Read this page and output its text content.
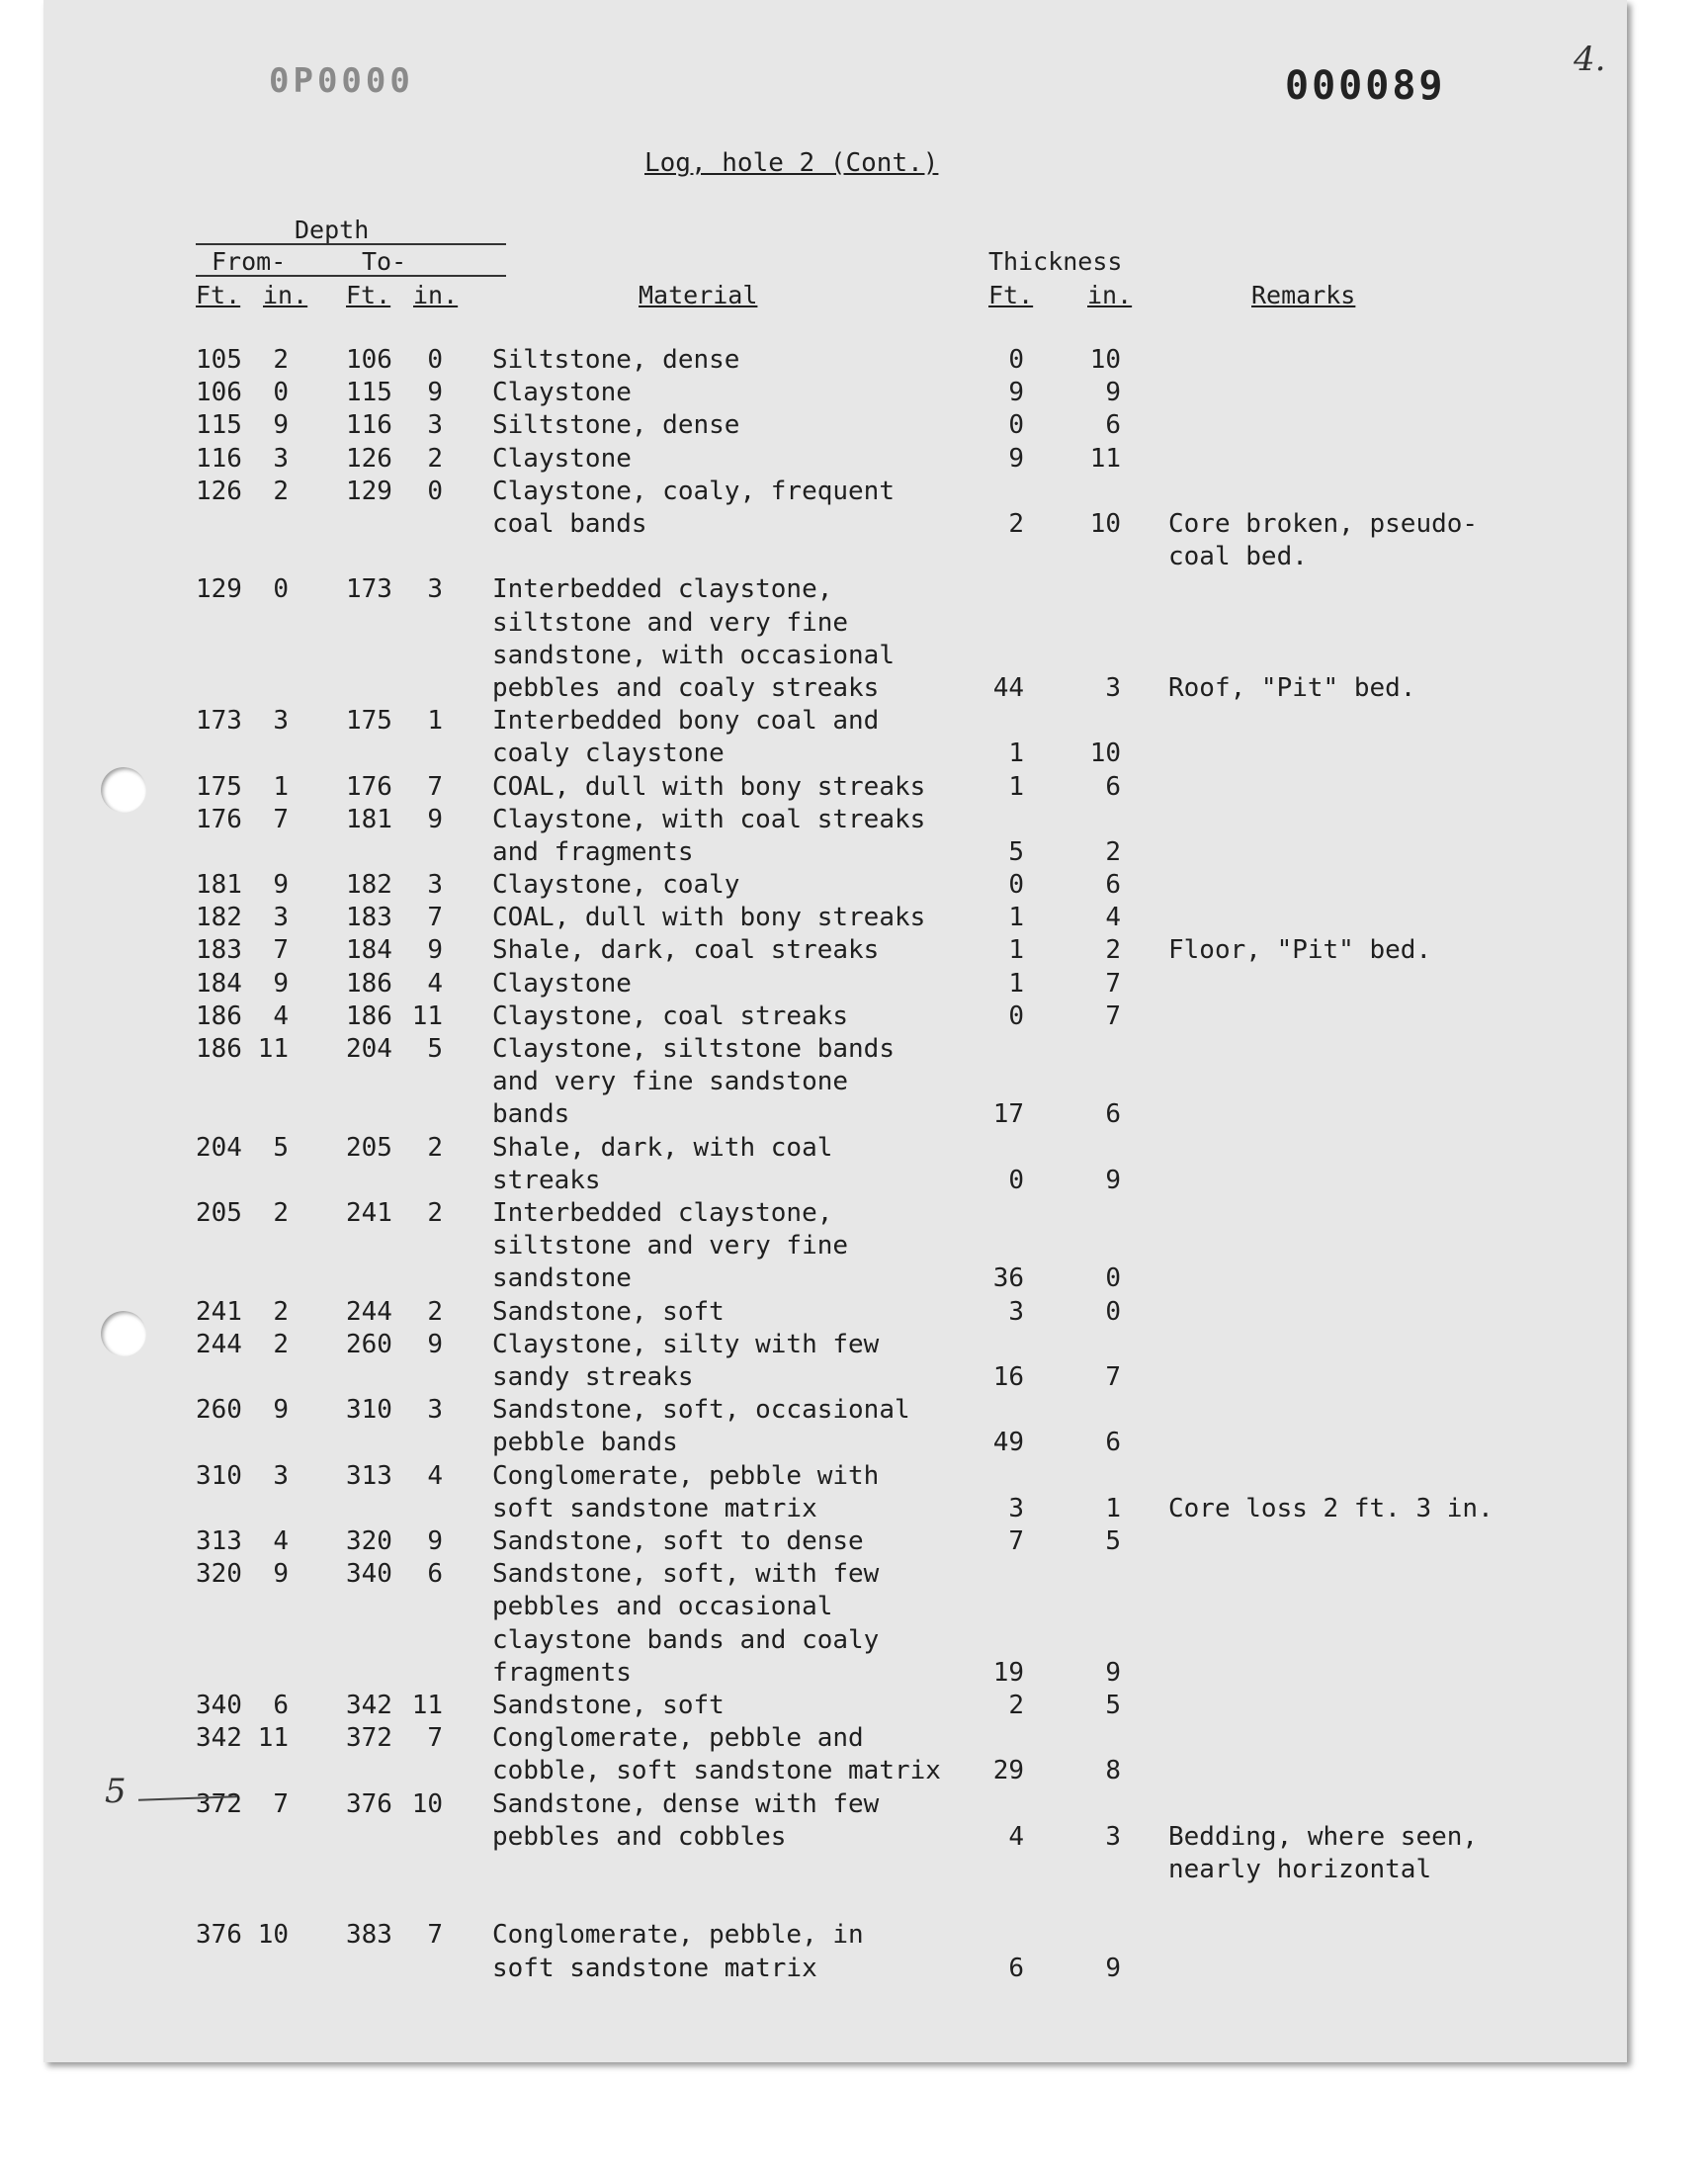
0P0000	000089
4.
Log, hole 2 (Cont.)
Depth
From-	To-
Ft. in. Ft. in.	Material
Thickness
Ft. in.	Remarks
105	2 106	0 Siltstone, dense	0	10
106	0 115	9 Claystone	9	9
115	9 116	3 Siltstone, dense	0	6
116	3 126	2 Claystone	9	11
126	2 129	0 Claystone, coaly, frequent
coal bands	2	10 Core broken, pseudo-
coal bed.
129	0 173	3 Interbedded claystone,
siltstone and very fine
sandstone, with occasional
pebbles and coaly streaks	44	3 Roof, "Pit" bed.
173	3 175	1 Interbedded bony coal and
coaly claystone	1	10
175	1 176	7 COAL, dull with bony streaks	1	6
176	7 181	9 Claystone, with coal streaks
and fragments	5	2
181	9 182	3 Claystone, coaly	0	6
182	3 183	7 COAL, dull with bony streaks	1	4
183	7 184	9 Shale, dark, coal streaks	1	2 Floor, "Pit" bed.
184	9 186	4 Claystone	1	7
186	4 186 11 Claystone, coal streaks	0	7
186 11 204	5 Claystone, siltstone bands
and very fine sandstone
bands	17	6
204	5 205	2 Shale, dark, with coal
streaks	0	9
205	2 241	2 Interbedded claystone,
siltstone and very fine
sandstone	36	0
241	2 244	2 Sandstone, soft	3	0
244	2 260	9 Claystone, silty with few
sandy streaks	16	7
260	9 310	3 Sandstone, soft, occasional
pebble bands	49	6
310	3 313	4 Conglomerate, pebble with
soft sandstone matrix	3	1 Core loss 2 ft. 3 in.
313	4 320	9 Sandstone, soft to dense	7	5
320	9 340	6 Sandstone, soft, with few
pebbles and occasional
claystone bands and coaly
fragments	19	9
340	6 342 11 Sandstone, soft	2	5
342 11 372	7 Conglomerate, pebble and
cobble, soft sandstone matrix	29	8
372	7 376 10 Sandstone, dense with few
pebbles and cobbles	4	3 Bedding, where seen,
nearly horizontal
376 10 383	7 Conglomerate, pebble, in
soft sandstone matrix	6	9
5
